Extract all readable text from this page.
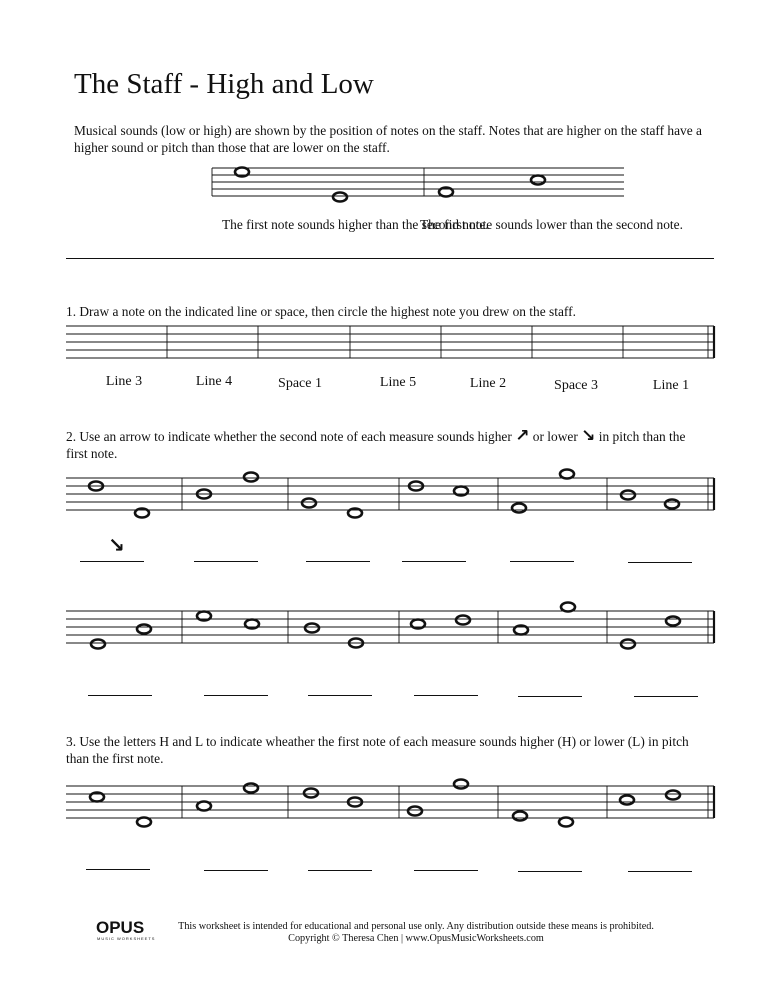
The Staff - High and Low
Musical sounds (low or high) are shown by the position of notes on the staff. Notes that are higher on the staff have a higher sound or pitch than those that are lower on the staff.
The first note sounds higher than the second note.
The first note sounds lower than the second note.
1. Draw a note on the indicated line or space, then circle the highest note you drew on the staff.
Line 3	Line 4	Space 1	Line 5	Line 2	Space 3	Line 1
2. Use an arrow to indicate whether the second note of each measure sounds higher ↗ or lower ↘ in pitch than the first note.
↘
3. Use the letters H and L to indicate wheather the first note of each measure sounds higher (H) or lower (L) in pitch than the first note.
OPUS
MUSIC WORKSHEETS
This worksheet is intended for educational and personal use only. Any distribution outside these means is prohibited.
Copyright © Theresa Chen | www.OpusMusicWorksheets.com
